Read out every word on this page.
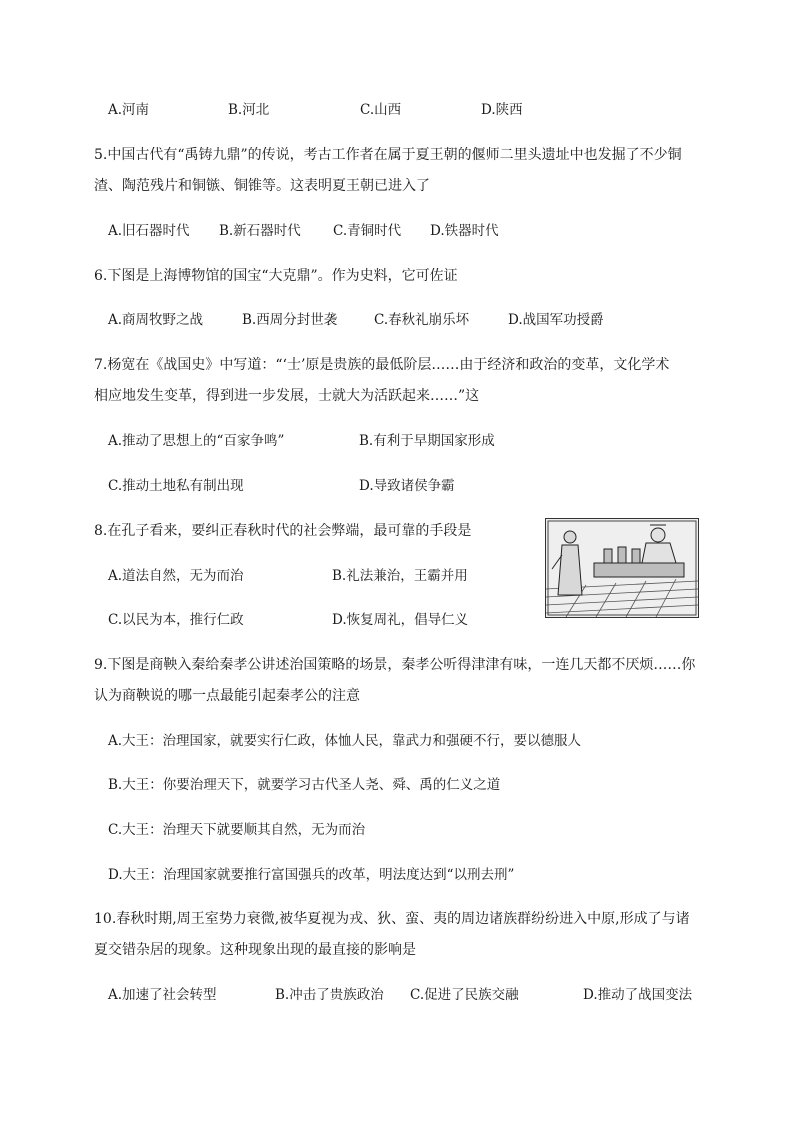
A.河南	B.河北	C.山西	D.陕西
5.中国古代有“禹铸九鼎”的传说，考古工作者在属于夏王朝的偃师二里头遗址中也发掘了不少铜
渣、陶范残片和铜镞、铜锥等。这表明夏王朝已进入了
A.旧石器时代 B.新石器时代 C.青铜时代 D.铁器时代
6.下图是上海博物馆的国宝“大克鼎”。作为史料，它可佐证
A.商周牧野之战	B.西周分封世袭	C.春秋礼崩乐坏	D.战国军功授爵
7.杨宽在《战国史》中写道：“‘士’原是贵族的最低阶层……由于经济和政治的变革，文化学术
相应地发生变革，得到进一步发展，士就大为活跃起来……”这
A.推动了思想上的“百家争鸣”	B.有利于早期国家形成
C.推动土地私有制出现	D.导致诸侯争霸
8.在孔子看来，要纠正春秋时代的社会弊端，最可靠的手段是
A.道法自然，无为而治	B.礼法兼治，王霸并用
C.以民为本，推行仁政	D.恢复周礼，倡导仁义
9.下图是商鞅入秦给秦孝公讲述治国策略的场景，秦孝公听得津津有味，一连几天都不厌烦……你
认为商鞅说的哪一点最能引起秦孝公的注意
A.大王：治理国家，就要实行仁政，体恤人民，靠武力和强硬不行，要以德服人
B.大王：你要治理天下，就要学习古代圣人尧、舜、禹的仁义之道
C.大王：治理天下就要顺其自然，无为而治
D.大王：治理国家就要推行富国强兵的改革，明法度达到“以刑去刑”
10.春秋时期,周王室势力衰微,被华夏视为戎、狄、蛮、夷的周边诸族群纷纷进入中原,形成了与诸
夏交错杂居的现象。这种现象出现的最直接的影响是
A.加速了社会转型	B.冲击了贵族政治 C.促进了民族交融	D.推动了战国变法
